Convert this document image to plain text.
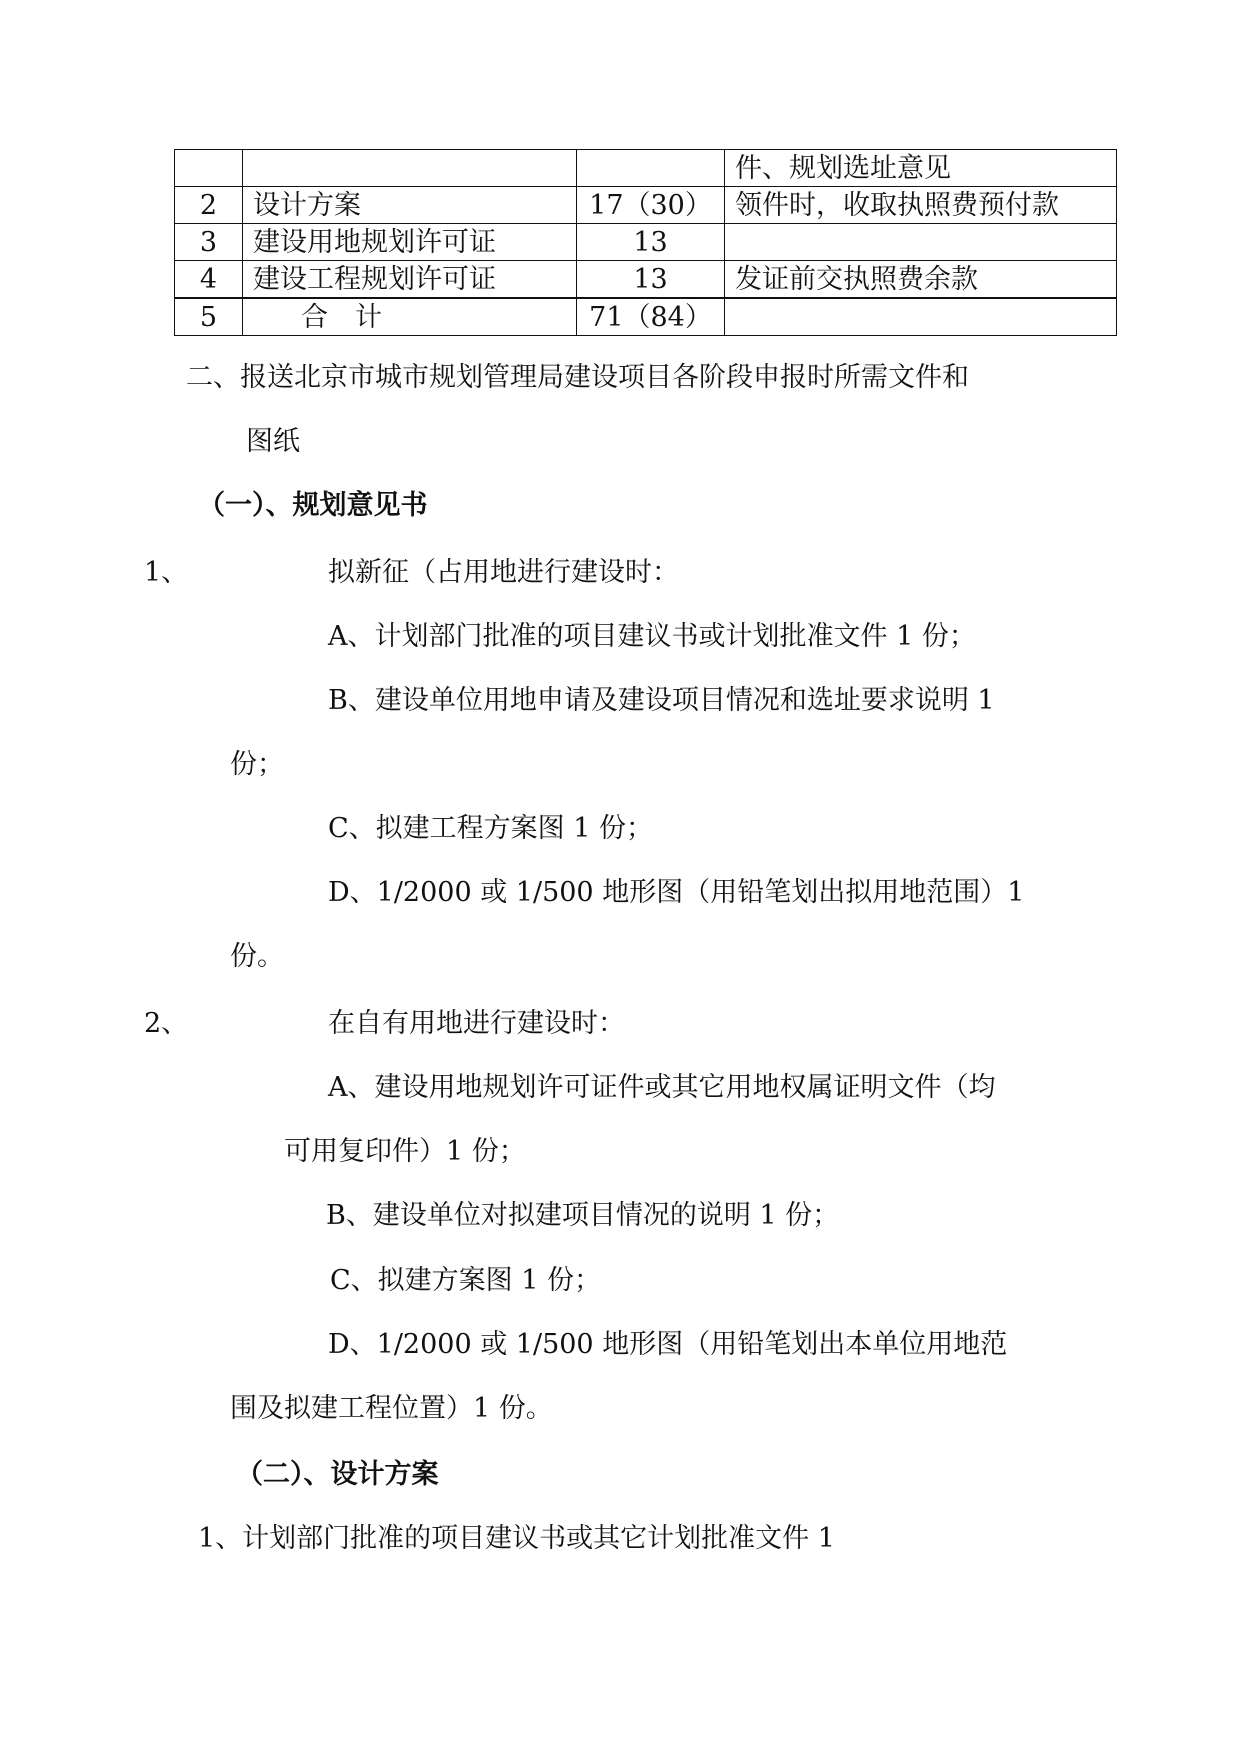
			件、规划选址意见
2	设计方案	17（30）	领件时，收取执照费预付款
3	建设用地规划许可证	13	
4	建设工程规划许可证	13	发证前交执照费余款
5	合　计	71（84）	
二、报送北京市城市规划管理局建设项目各阶段申报时所需文件和
图纸
（一）、规划意见书
1、	拟新征（占用地进行建设时：
A、计划部门批准的项目建议书或计划批准文件 1 份；
B、建设单位用地申请及建设项目情况和选址要求说明 1
份；
C、拟建工程方案图 1 份；
D、1/2000 或 1/500 地形图（用铅笔划出拟用地范围）1
份。
2、	在自有用地进行建设时：
A、建设用地规划许可证件或其它用地权属证明文件（均
可用复印件）1 份；
B、建设单位对拟建项目情况的说明 1 份；
C、拟建方案图 1 份；
D、1/2000 或 1/500 地形图（用铅笔划出本单位用地范
围及拟建工程位置）1 份。
（二）、设计方案
1、计划部门批准的项目建议书或其它计划批准文件 1
